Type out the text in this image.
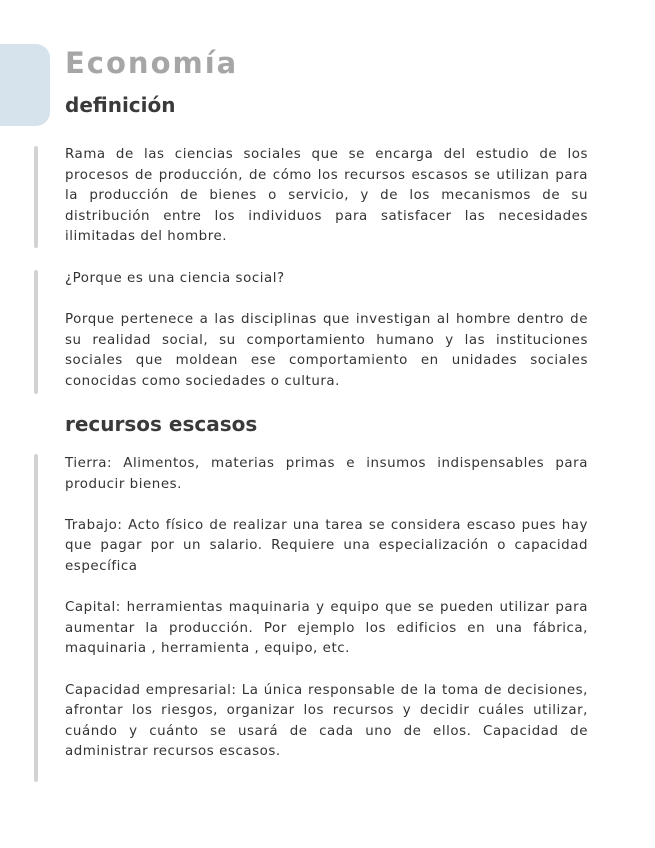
Economía
definición

Rama de las ciencias sociales que se encarga del estudio de los procesos de producción, de cómo los recursos escasos se utilizan para la producción de bienes o servicio, y de los mecanismos de su distribución entre los individuos para satisfacer las necesidades ilimitadas del hombre.

¿Porque es una ciencia social?

Porque pertenece a las disciplinas que investigan al hombre dentro de su realidad social, su comportamiento humano y las instituciones sociales que moldean ese comportamiento en unidades sociales conocidas como sociedades o cultura.

recursos escasos

Tierra: Alimentos, materias primas e insumos indispensables para producir bienes.

Trabajo: Acto físico de realizar una tarea se considera escaso pues hay que pagar por un salario. Requiere una especialización o capacidad específica

Capital: herramientas maquinaria y equipo que se pueden utilizar para aumentar la producción. Por ejemplo los edificios en una fábrica, maquinaria , herramienta , equipo, etc.

Capacidad empresarial: La única responsable de la toma de decisiones, afrontar los riesgos, organizar los recursos y decidir cuáles utilizar, cuándo y cuánto se usará de cada uno de ellos. Capacidad de administrar recursos escasos.
